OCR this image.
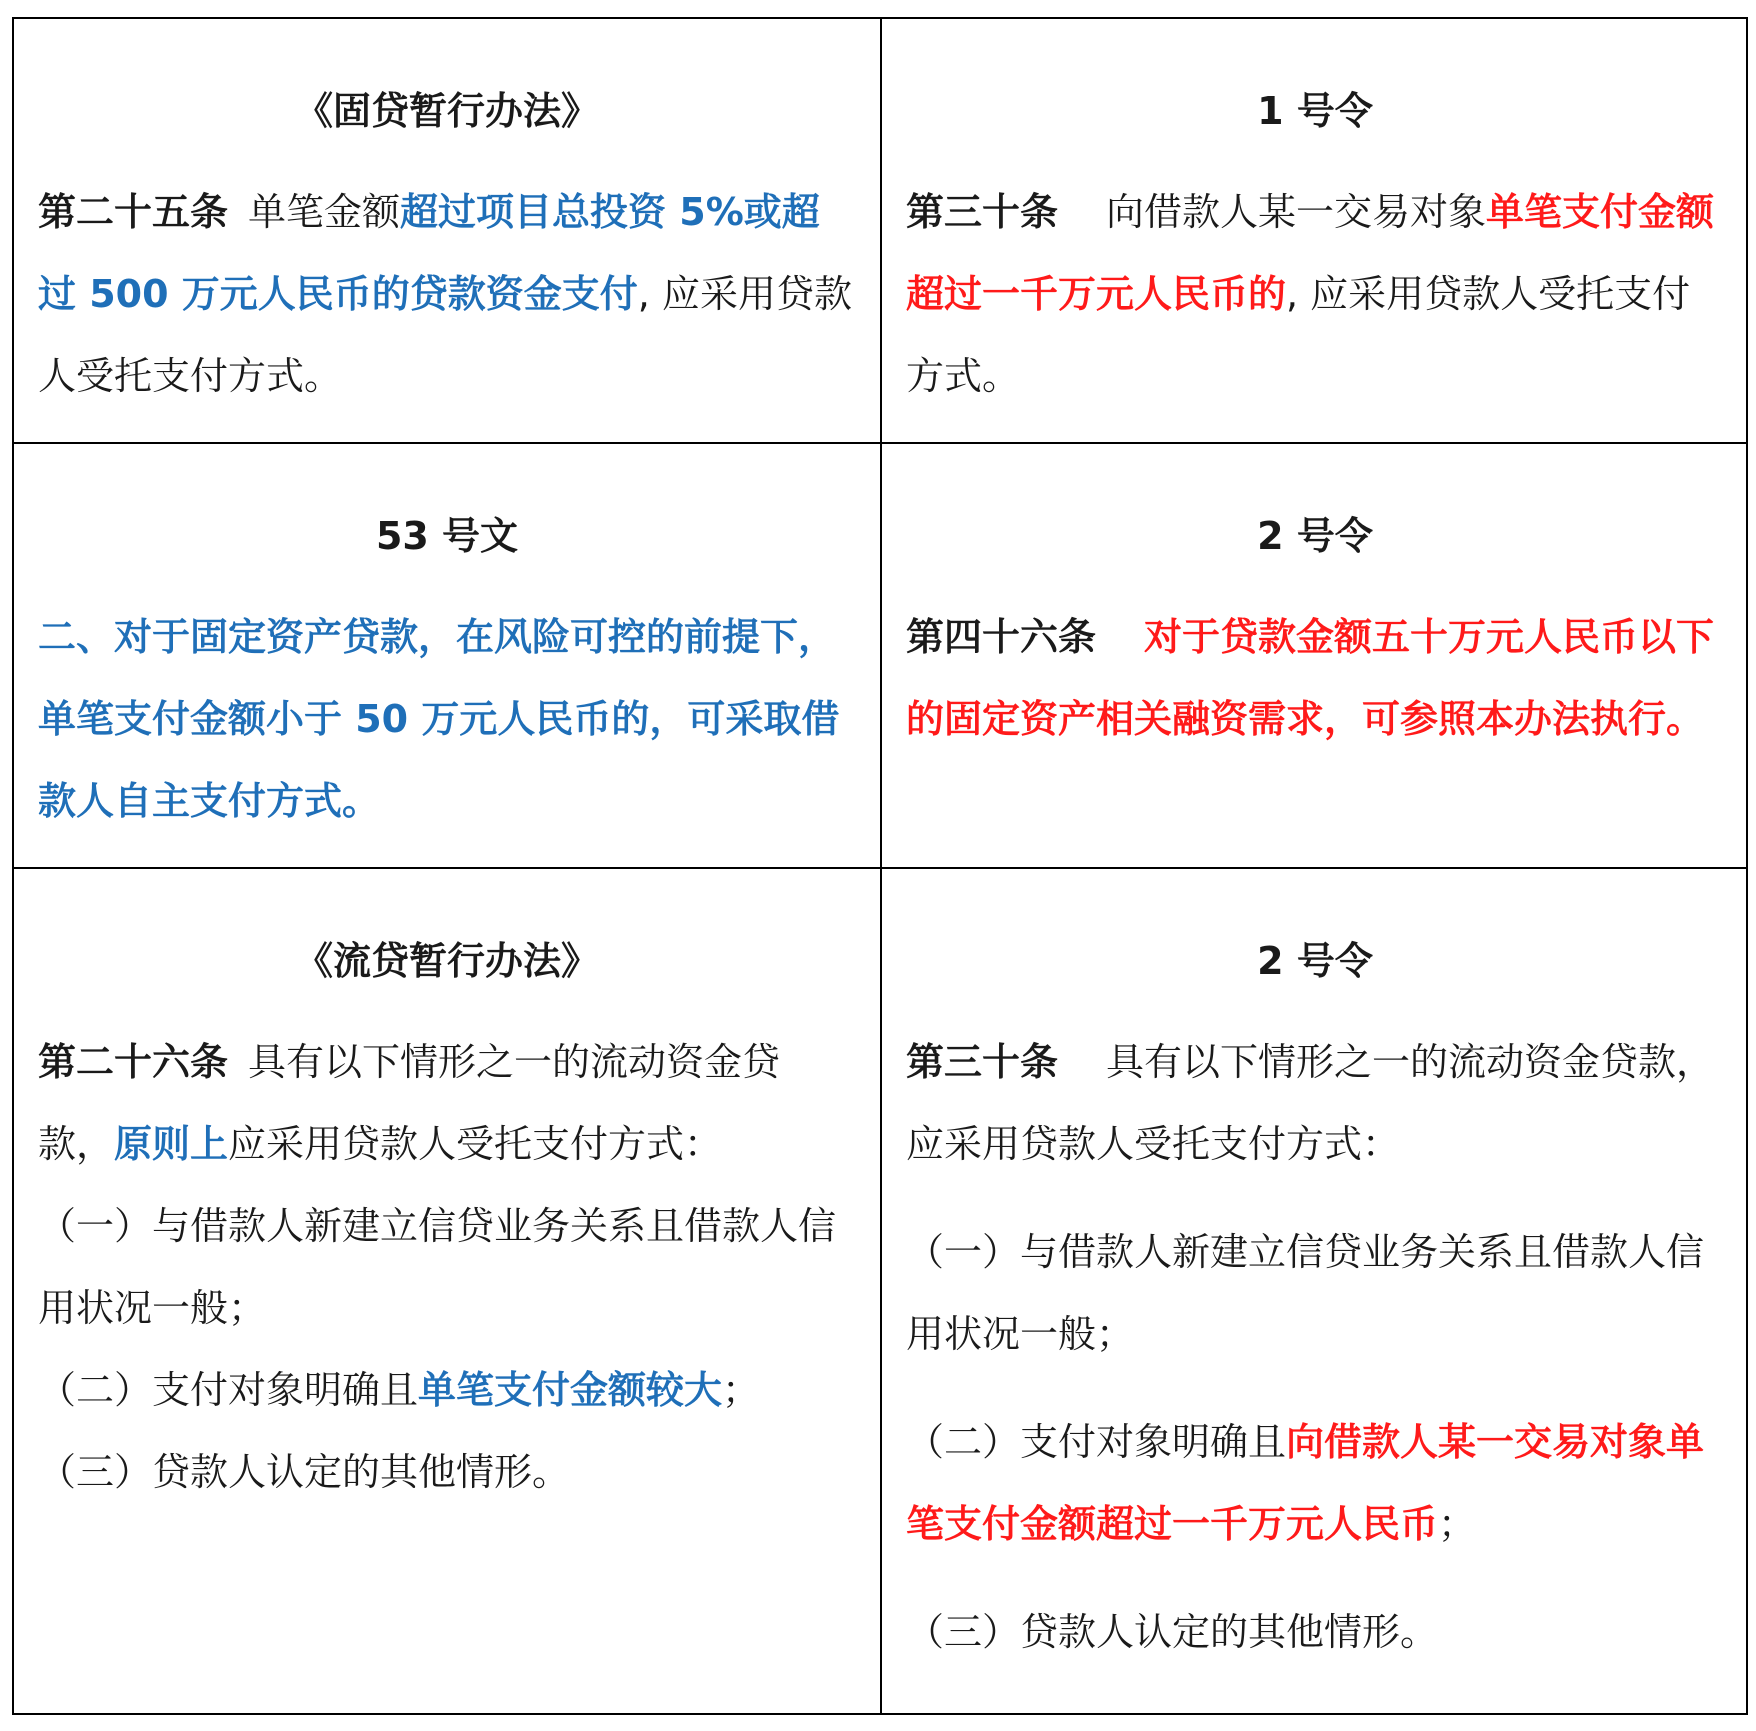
《固贷暂行办法》

第二十五条 单笔金额超过项目总投资 5%或超过 500 万元人民币的贷款资金支付, 应采用贷款人受托支付方式。

1 号令

第三十条 向借款人某一交易对象单笔支付金额超过一千万元人民币的, 应采用贷款人受托支付方式。

53 号文

二、对于固定资产贷款，在风险可控的前提下，单笔支付金额小于 50 万元人民币的，可采取借款人自主支付方式。

2 号令

第四十六条 对于贷款金额五十万元人民币以下的固定资产相关融资需求，可参照本办法执行。

《流贷暂行办法》

第二十六条 具有以下情形之一的流动资金贷款，原则上应采用贷款人受托支付方式：

（一）与借款人新建立信贷业务关系且借款人信用状况一般；

（二）支付对象明确且单笔支付金额较大；

（三）贷款人认定的其他情形。

2 号令

第三十条 具有以下情形之一的流动资金贷款，应采用贷款人受托支付方式：

（一）与借款人新建立信贷业务关系且借款人信用状况一般；

（二）支付对象明确且向借款人某一交易对象单笔支付金额超过一千万元人民币；

（三）贷款人认定的其他情形。
